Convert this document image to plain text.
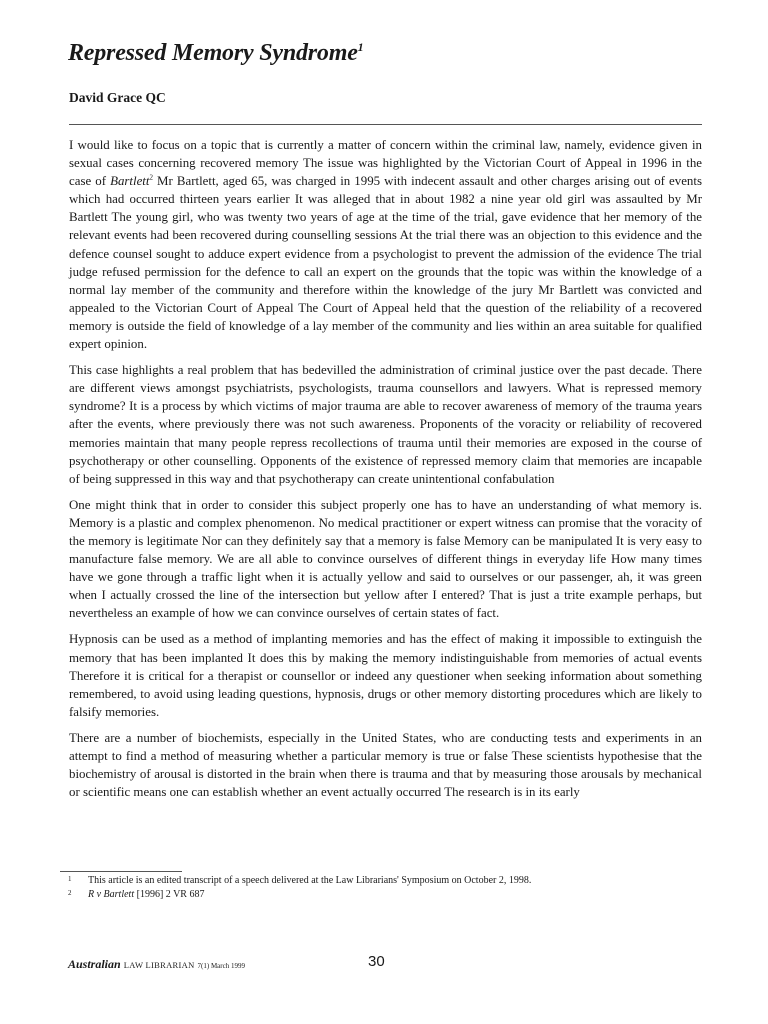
Repressed Memory Syndrome$^1$
David Grace QC

I would like to focus on a topic that is currently a matter of concern within the criminal law, namely, evidence given in sexual cases concerning recovered memory The issue was highlighted by the Victorian Court of Appeal in 1996 in the case of Bartlett$^2$ Mr Bartlett, aged 65, was charged in 1995 with indecent assault and other charges arising out of events which had occurred thirteen years earlier It was alleged that in about 1982 a nine year old girl was assaulted by Mr Bartlett The young girl, who was twenty two years of age at the time of the trial, gave evidence that her memory of the relevant events had been recovered during counselling sessions At the trial there was an objection to this evidence and the defence counsel sought to adduce expert evidence from a psychologist to prevent the admission of the evidence The trial judge refused permission for the defence to call an expert on the grounds that the topic was within the knowledge of a normal lay member of the community and therefore within the knowledge of the jury Mr Bartlett was convicted and appealed to the Victorian Court of Appeal The Court of Appeal held that the question of the reliability of a recovered memory is outside the field of knowledge of a lay member of the community and lies within an area suitable for qualified expert opinion.

This case highlights a real problem that has bedevilled the administration of criminal justice over the past decade. There are different views amongst psychiatrists, psychologists, trauma counsellors and lawyers. What is repressed memory syndrome? It is a process by which victims of major trauma are able to recover awareness of memory of the trauma years after the events, where previously there was not such awareness. Proponents of the voracity or reliability of recovered memories maintain that many people repress recollections of trauma until their memories are exposed in the course of psychotherapy or other counselling. Opponents of the existence of repressed memory claim that memories are incapable of being suppressed in this way and that psychotherapy can create unintentional confabulation

One might think that in order to consider this subject properly one has to have an understanding of what memory is. Memory is a plastic and complex phenomenon. No medical practitioner or expert witness can promise that the voracity of the memory is legitimate Nor can they definitely say that a memory is false Memory can be manipulated It is very easy to manufacture false memory. We are all able to convince ourselves of different things in everyday life How many times have we gone through a traffic light when it is actually yellow and said to ourselves or our passenger, ah, it was green when I actually crossed the line of the intersection but yellow after I entered? That is just a trite example perhaps, but nevertheless an example of how we can convince ourselves of certain states of fact.

Hypnosis can be used as a method of implanting memories and has the effect of making it impossible to extinguish the memory that has been implanted It does this by making the memory indistinguishable from memories of actual events Therefore it is critical for a therapist or counsellor or indeed any questioner when seeking information about something remembered, to avoid using leading questions, hypnosis, drugs or other memory distorting procedures which are likely to falsify memories.

There are a number of biochemists, especially in the United States, who are conducting tests and experiments in an attempt to find a method of measuring whether a particular memory is true or false These scientists hypothesise that the biochemistry of arousal is distorted in the brain when there is trauma and that by measuring those arousals by mechanical or scientific means one can establish whether an event actually occurred The research is in its early

1	This article is an edited transcript of a speech delivered at the Law Librarians' Symposium on October 2, 1998.
2	R v Bartlett [1996] 2 VR 687
Australian LAW LIBRARIAN 7(1) March 1999	30
